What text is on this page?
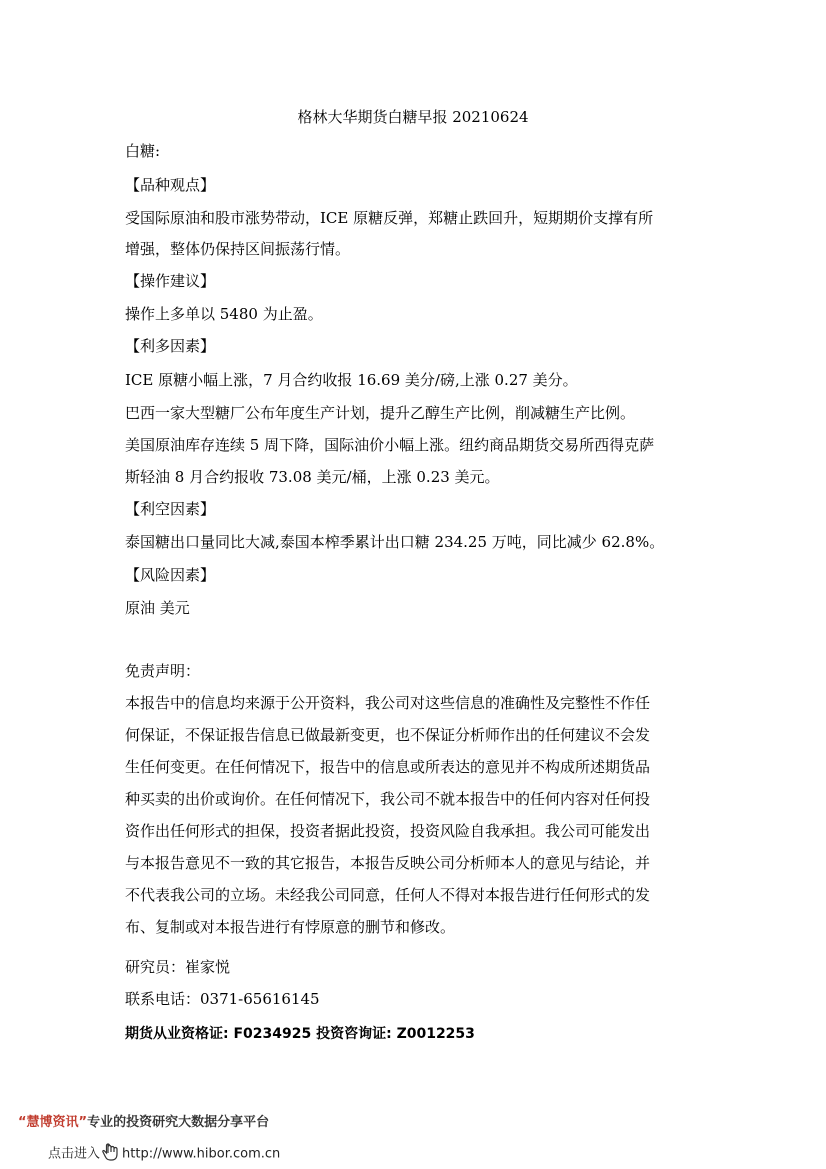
格林大华期货白糖早报 20210624
白糖:
【品种观点】
受国际原油和股市涨势带动，ICE 原糖反弹，郑糖止跌回升，短期期价支撑有所
增强，整体仍保持区间振荡行情。
【操作建议】
操作上多单以 5480 为止盈。
【利多因素】
ICE 原糖小幅上涨，7 月合约收报 16.69 美分/磅,上涨 0.27 美分。
巴西一家大型糖厂公布年度生产计划，提升乙醇生产比例，削减糖生产比例。
美国原油库存连续 5 周下降，国际油价小幅上涨。纽约商品期货交易所西得克萨
斯轻油 8 月合约报收 73.08 美元/桶，上涨 0.23 美元。
【利空因素】
泰国糖出口量同比大减,泰国本榨季累计出口糖 234.25 万吨，同比减少 62.8%。
【风险因素】
原油 美元
免责声明：
本报告中的信息均来源于公开资料，我公司对这些信息的准确性及完整性不作任
何保证，不保证报告信息已做最新变更，也不保证分析师作出的任何建议不会发
生任何变更。在任何情况下，报告中的信息或所表达的意见并不构成所述期货品
种买卖的出价或询价。在任何情况下，我公司不就本报告中的任何内容对任何投
资作出任何形式的担保，投资者据此投资，投资风险自我承担。我公司可能发出
与本报告意见不一致的其它报告，本报告反映公司分析师本人的意见与结论，并
不代表我公司的立场。未经我公司同意，任何人不得对本报告进行任何形式的发
布、复制或对本报告进行有悖原意的删节和修改。
研究员：崔家悦
联系电话：0371-65616145
期货从业资格证: F0234925 投资咨询证: Z0012253
“慧博资讯”专业的投资研究大数据分享平台
点击进入 http://www.hibor.com.cn
